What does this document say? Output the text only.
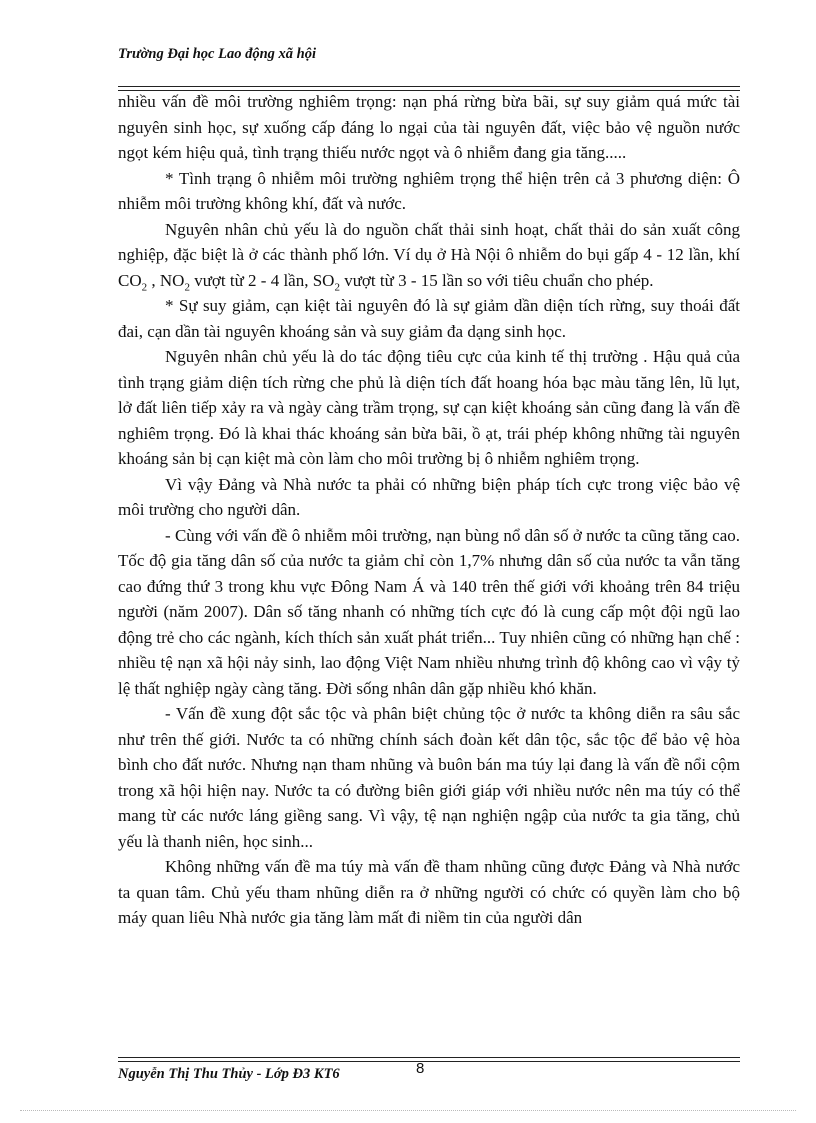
Trường Đại học Lao động xã hội

nhiều vấn đề môi trường nghiêm trọng: nạn phá rừng bừa bãi, sự suy giảm quá mức tài nguyên sinh học, sự xuống cấp đáng lo ngại của tài nguyên đất, việc bảo vệ nguồn nước ngọt kém hiệu quả, tình trạng thiếu nước ngọt và ô nhiễm đang gia tăng.....

* Tình trạng ô nhiễm môi trường nghiêm trọng thể hiện trên cả 3 phương diện: Ô nhiễm môi trường không khí, đất và nước.

Nguyên nhân chủ yếu là do nguồn chất thải sinh hoạt, chất thải do sản xuất công nghiệp, đặc biệt là ở các thành phố lớn. Ví dụ ở Hà Nội ô nhiễm do bụi gấp 4 - 12 lần, khí $CO_2$ , $NO_2$ vượt từ 2 - 4 lần, $SO_2$ vượt từ 3 - 15 lần so với tiêu chuẩn cho phép.

* Sự suy giảm, cạn kiệt tài nguyên đó là sự giảm dần diện tích rừng, suy thoái đất đai, cạn dần tài nguyên khoáng sản và suy giảm đa dạng sinh học.

Nguyên nhân chủ yếu là do tác động tiêu cực của kinh tế thị trường . Hậu quả của tình trạng giảm diện tích rừng che phủ là diện tích đất hoang hóa bạc màu tăng lên, lũ lụt, lở đất liên tiếp xảy ra và ngày càng trầm trọng, sự cạn kiệt khoáng sản cũng đang là vấn đề nghiêm trọng. Đó là khai thác khoáng sản bừa bãi, ồ ạt, trái phép không những tài nguyên khoáng sản bị cạn kiệt mà còn làm cho môi trường bị ô nhiễm nghiêm trọng.

Vì vậy Đảng và Nhà nước ta phải có những biện pháp tích cực trong việc bảo vệ môi trường cho người dân.

- Cùng với vấn đề ô nhiễm môi trường, nạn bùng nổ dân số ở nước ta cũng tăng cao. Tốc độ gia tăng dân số của nước ta giảm chỉ còn 1,7% nhưng dân số của nước ta vẫn tăng cao đứng thứ 3 trong khu vực Đông Nam Á và 140 trên thế giới với khoảng trên 84 triệu người (năm 2007). Dân số tăng nhanh có những tích cực đó là cung cấp một đội ngũ lao động trẻ cho các ngành, kích thích sản xuất phát triển... Tuy nhiên cũng có những hạn chế : nhiều tệ nạn xã hội nảy sinh, lao động Việt Nam nhiều nhưng trình độ không cao vì vậy tỷ lệ thất nghiệp ngày càng tăng. Đời sống nhân dân gặp nhiều khó khăn.

- Vấn đề xung đột sắc tộc và phân biệt chủng tộc ở nước ta không diễn ra sâu sắc như trên thế giới. Nước ta có những chính sách đoàn kết dân tộc, sắc tộc để bảo vệ hòa bình cho đất nước. Nhưng nạn tham nhũng và buôn bán ma túy lại đang là vấn đề nổi cộm trong xã hội hiện nay. Nước ta có đường biên giới giáp với nhiều nước nên ma túy có thể mang từ các nước láng giềng sang. Vì vậy, tệ nạn nghiện ngập của nước ta gia tăng, chủ yếu là thanh niên, học sinh...

Không những vấn đề ma túy mà vấn đề tham nhũng cũng được Đảng và Nhà nước ta quan tâm. Chủ yếu tham nhũng diễn ra ở những người có chức có quyền làm cho bộ máy quan liêu Nhà nước gia tăng làm mất đi niềm tin của người dân

Nguyễn Thị Thu Thủy - Lớp Đ3 KT6	8
